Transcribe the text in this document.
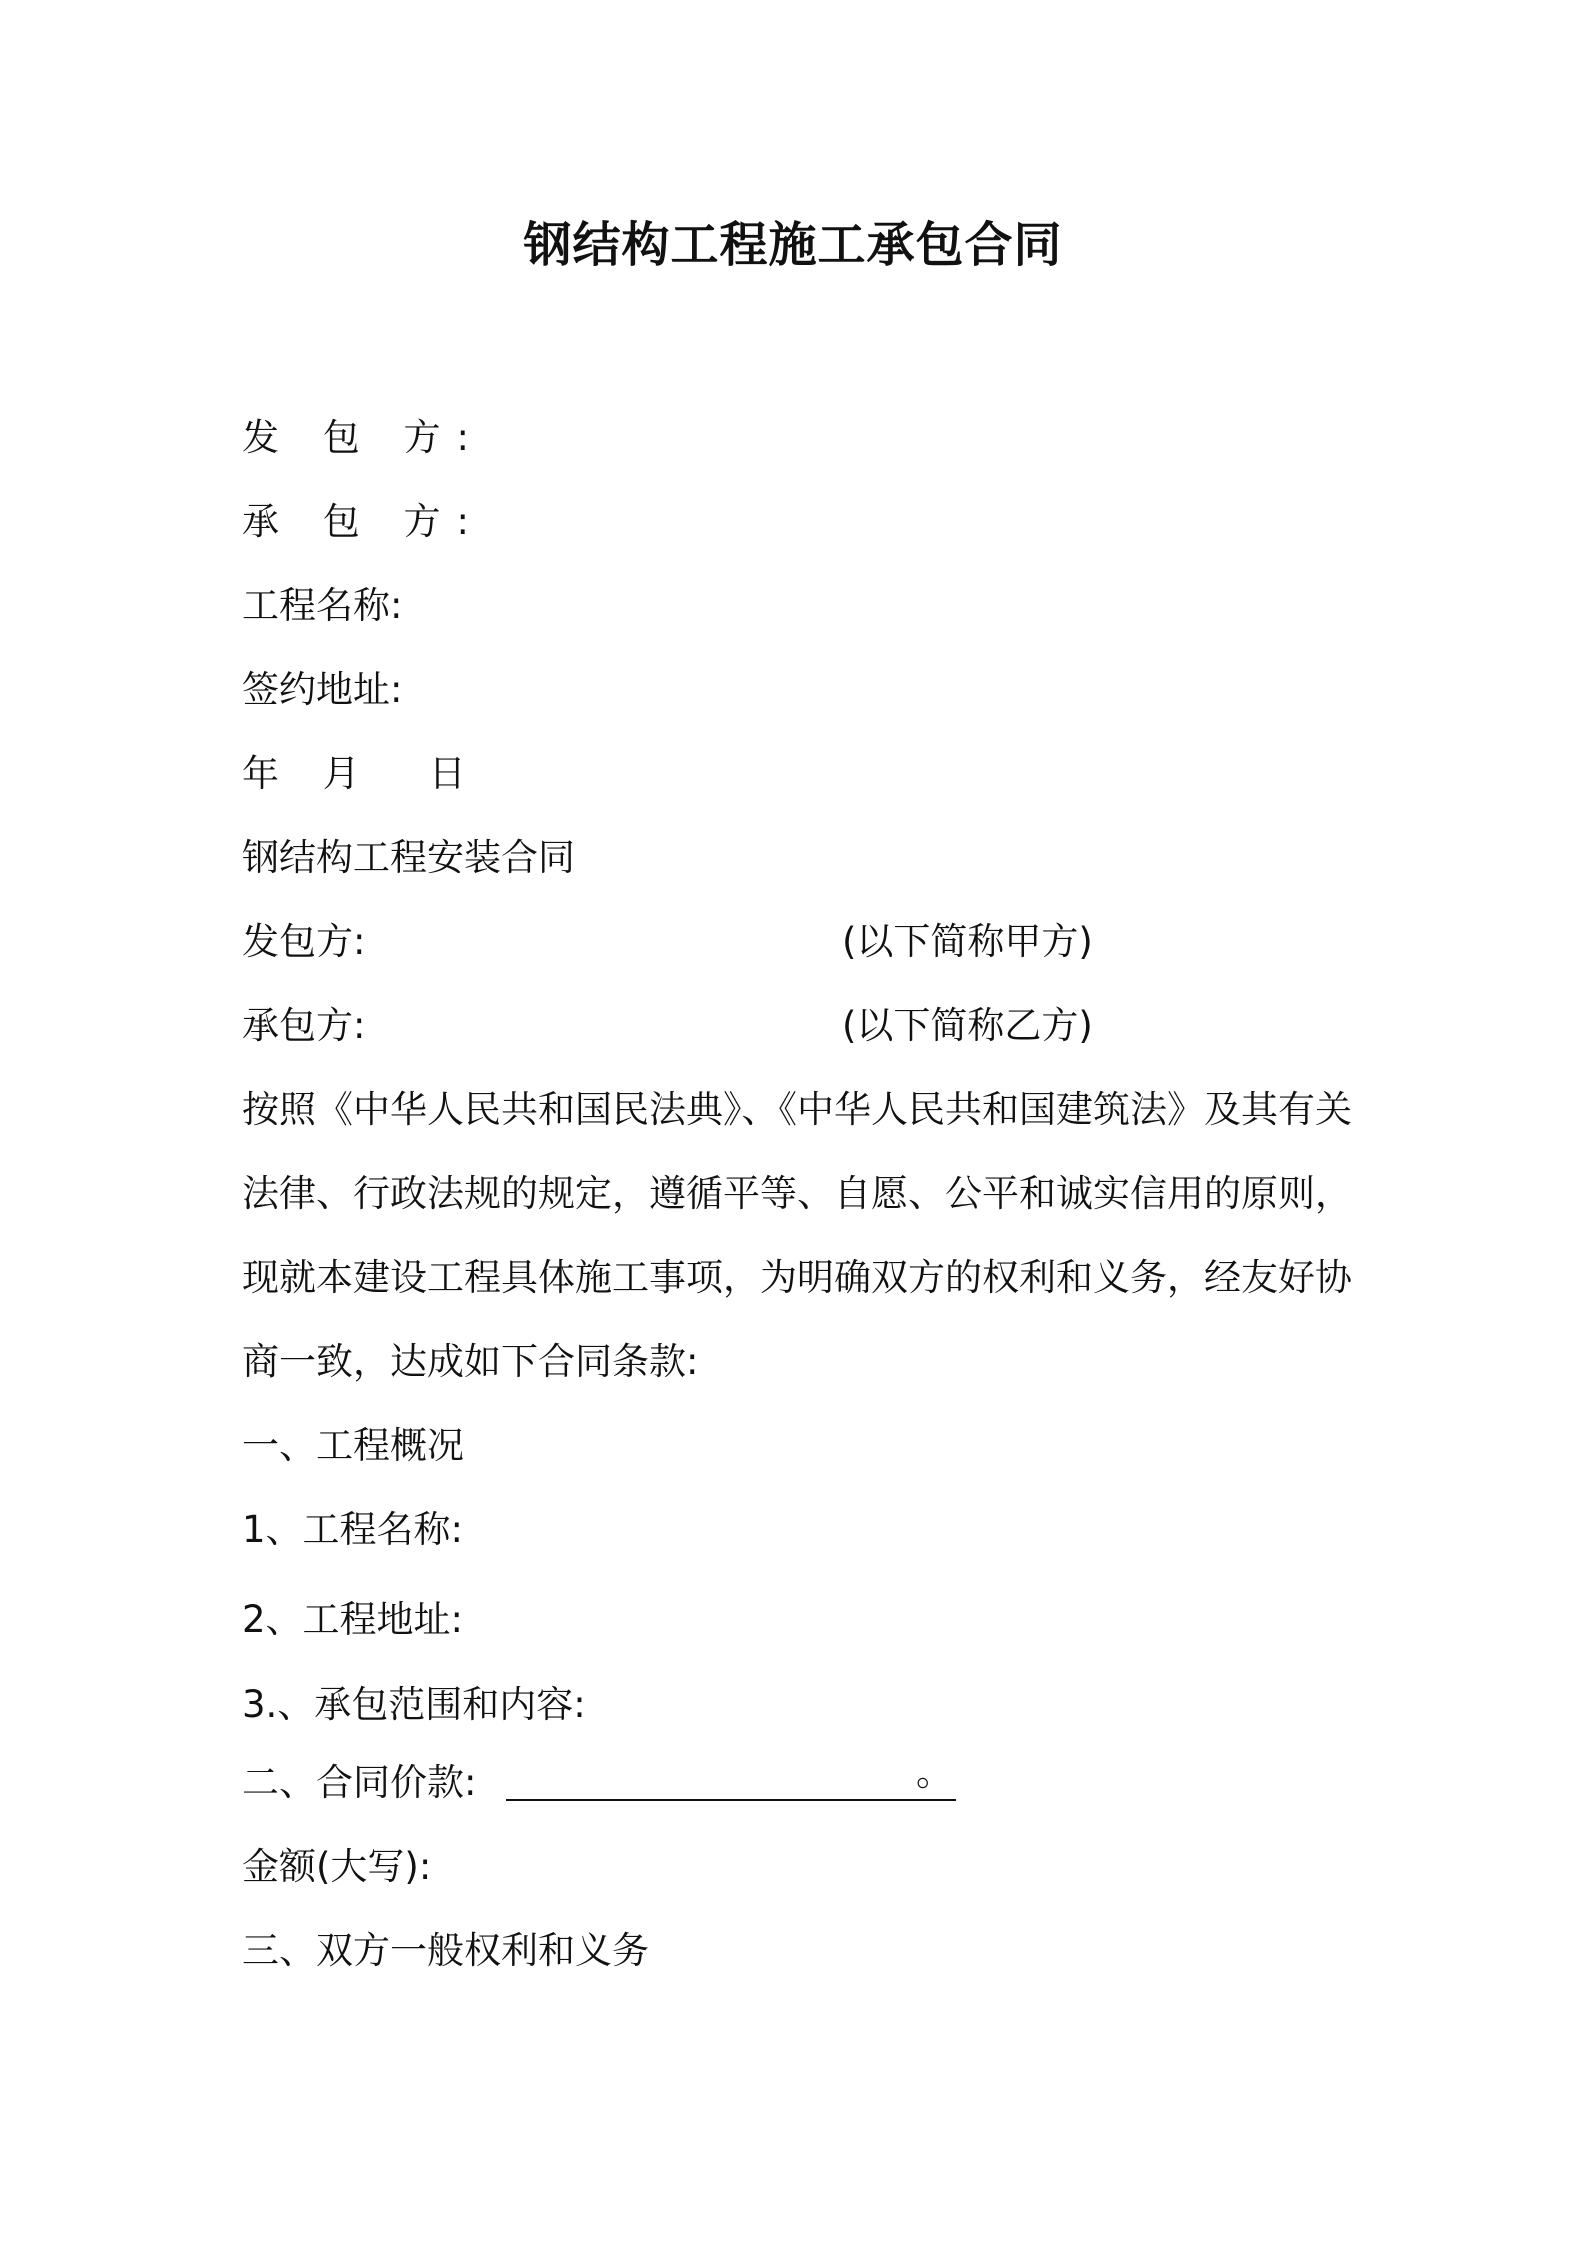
钢结构工程施工承包合同
发 包 方:
承 包 方:
工程名称:
签约地址:
年 月　日
钢结构工程安装合同
发包方:	(以下简称甲方)
承包方:	(以下简称乙方)
按照《中华人民共和国民法典》、《中华人民共和国建筑法》及其有关
法律、行政法规的规定，遵循平等、自愿、公平和诚实信用的原则，
现就本建设工程具体施工事项，为明确双方的权利和义务，经友好协
商一致，达成如下合同条款:
一、工程概况
1、工程名称:
2、工程地址:
3.、承包范围和内容:
二、合同价款:	。
金额(大写):
三、双方一般权利和义务
